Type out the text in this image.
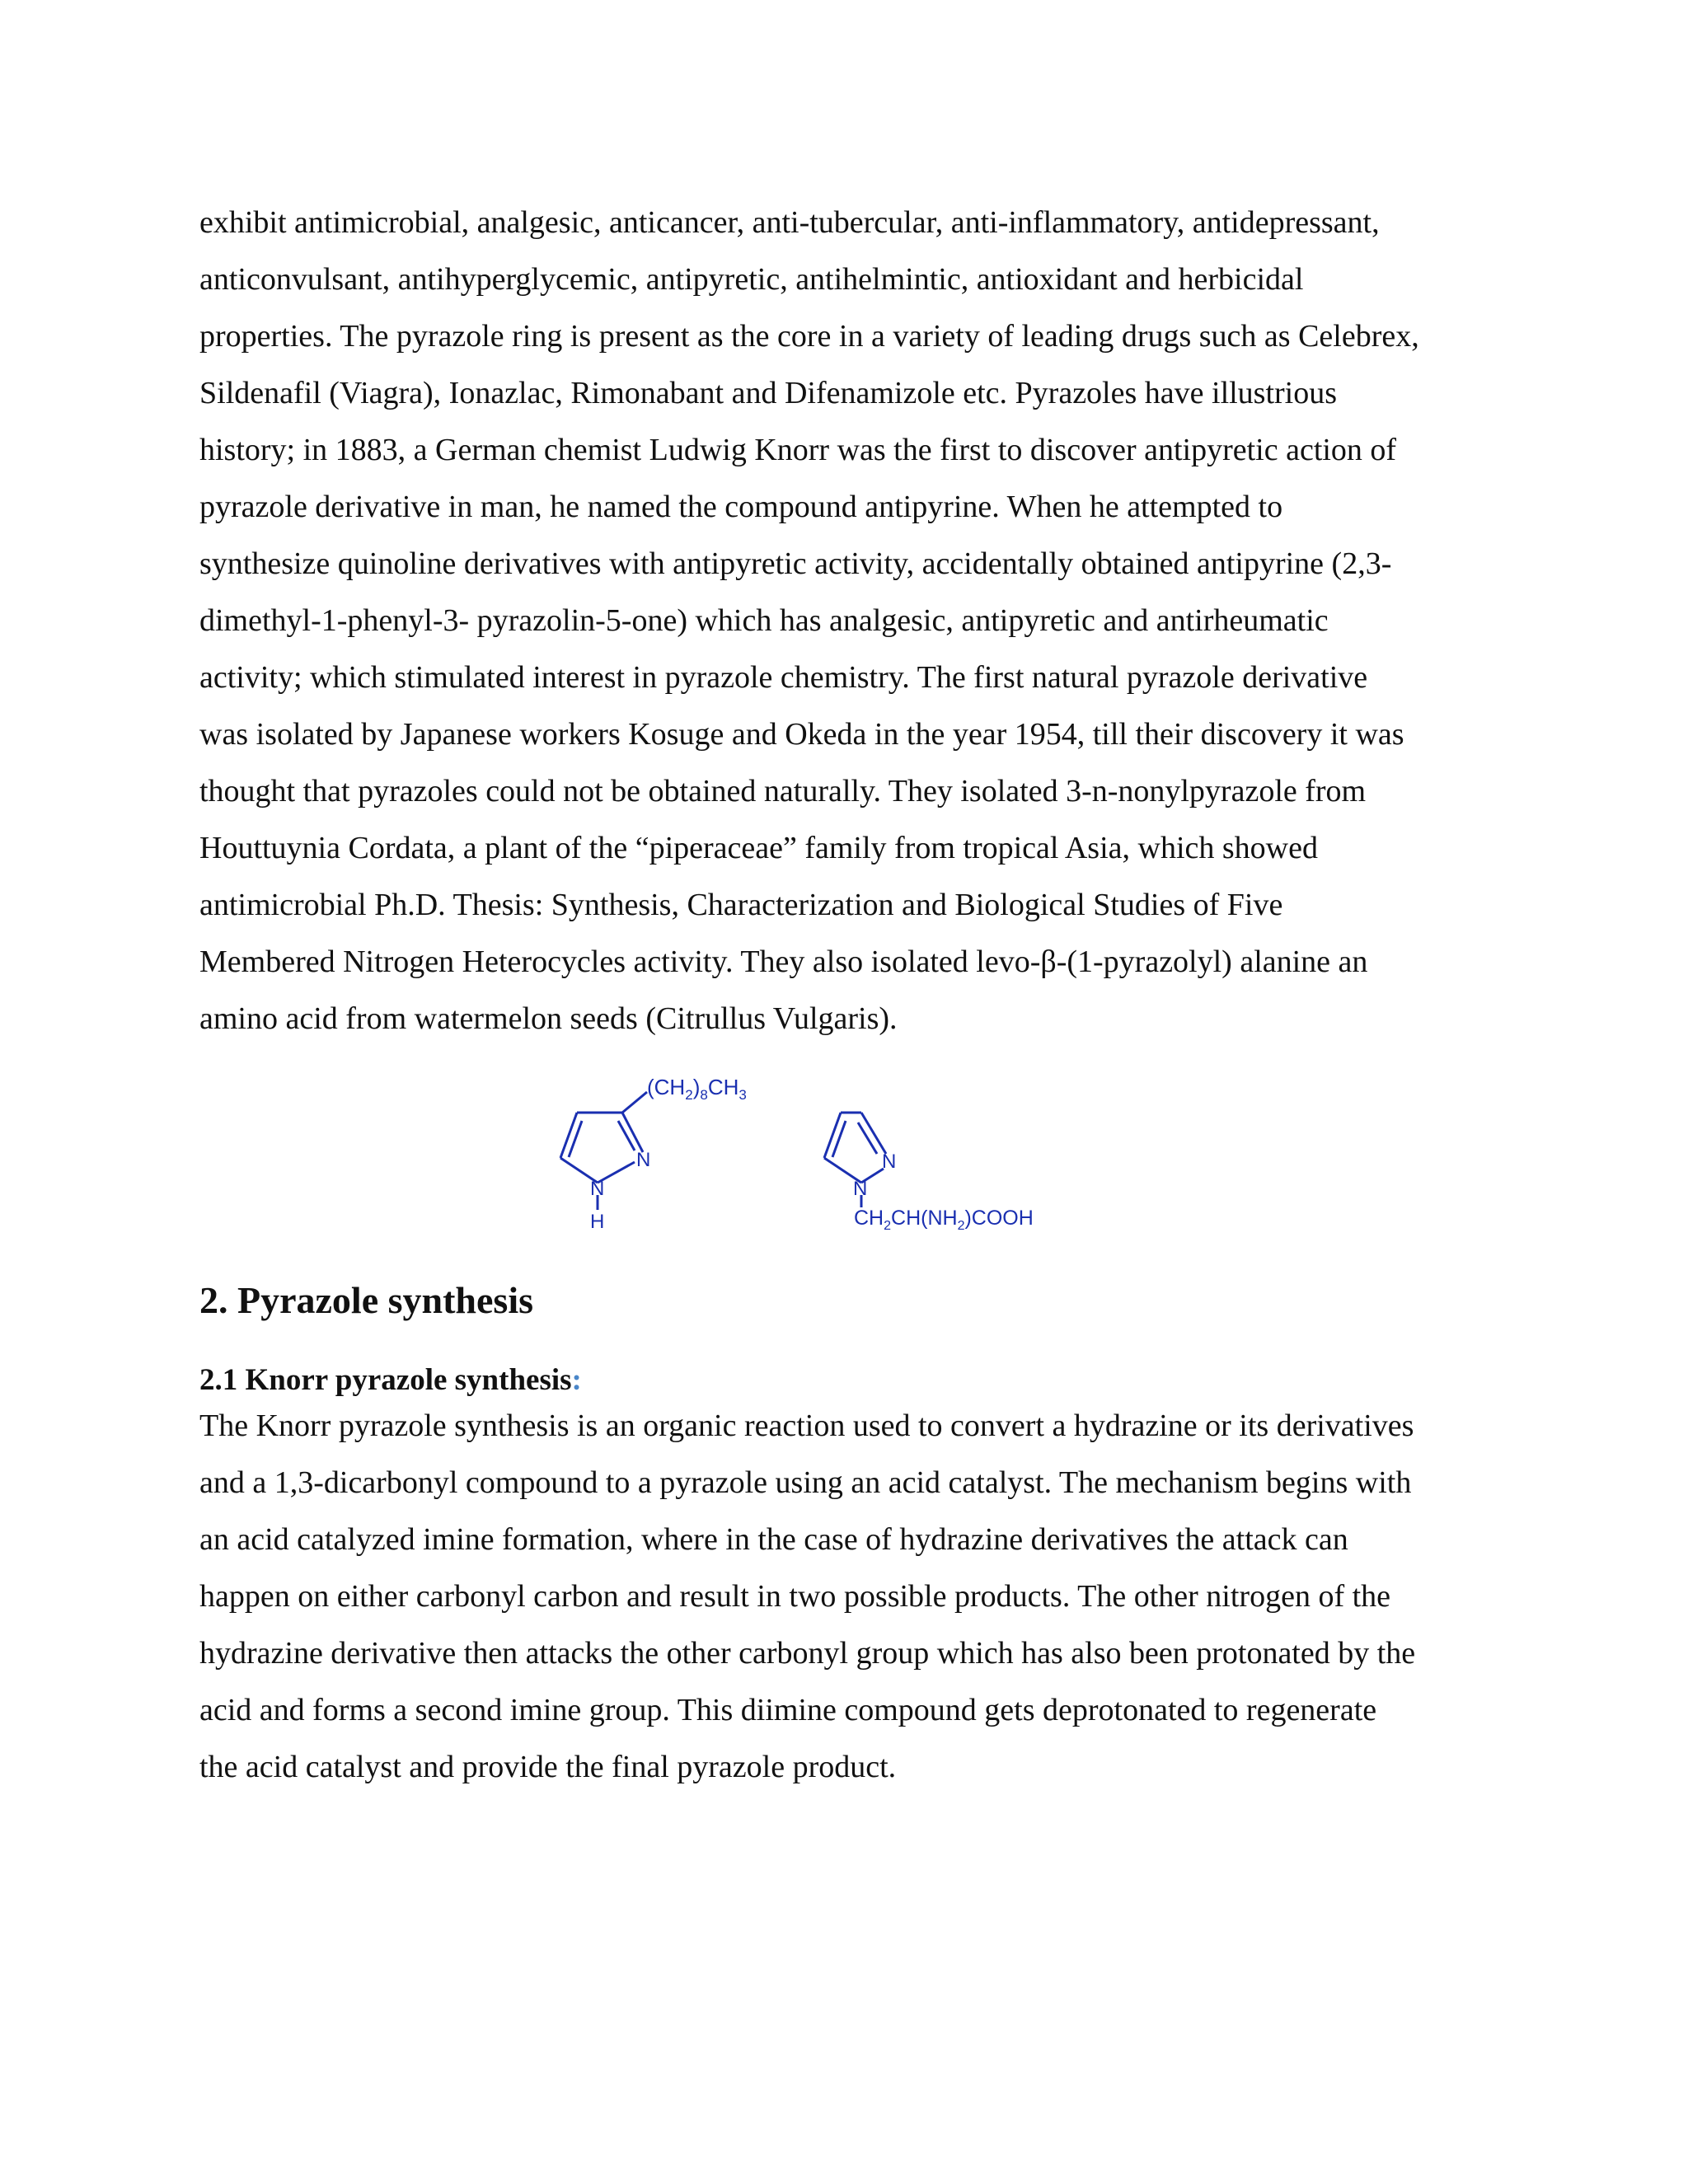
exhibit antimicrobial, analgesic, anticancer, anti-tubercular, anti-inflammatory, antidepressant,
anticonvulsant, antihyperglycemic, antipyretic, antihelmintic, antioxidant and herbicidal
properties. The pyrazole ring is present as the core in a variety of leading drugs such as Celebrex,
Sildenafil (Viagra), Ionazlac, Rimonabant and Difenamizole etc. Pyrazoles have illustrious
history; in 1883, a German chemist Ludwig Knorr was the first to discover antipyretic action of
pyrazole derivative in man, he named the compound antipyrine. When he attempted to
synthesize quinoline derivatives with antipyretic activity, accidentally obtained antipyrine (2,3-
dimethyl-1-phenyl-3- pyrazolin-5-one) which has analgesic, antipyretic and antirheumatic
activity; which stimulated interest in pyrazole chemistry. The first natural pyrazole derivative
was isolated by Japanese workers Kosuge and Okeda in the year 1954, till their discovery it was
thought that pyrazoles could not be obtained naturally. They isolated 3-n-nonylpyrazole from
Houttuynia Cordata, a plant of the “piperaceae” family from tropical Asia, which showed
antimicrobial Ph.D. Thesis: Synthesis, Characterization and Biological Studies of Five
Membered Nitrogen Heterocycles activity. They also isolated levo-β-(1-pyrazolyl) alanine an
amino acid from watermelon seeds (Citrullus Vulgaris).

$(CH_2)_8CH_3$
N
N
H
N
N
$CH_2CH(NH_2)COOH$
2. Pyrazole synthesis
2.1 Knorr pyrazole synthesis:

The Knorr pyrazole synthesis is an organic reaction used to convert a hydrazine or its derivatives
and a 1,3-dicarbonyl compound to a pyrazole using an acid catalyst. The mechanism begins with
an acid catalyzed imine formation, where in the case of hydrazine derivatives the attack can
happen on either carbonyl carbon and result in two possible products. The other nitrogen of the
hydrazine derivative then attacks the other carbonyl group which has also been protonated by the
acid and forms a second imine group. This diimine compound gets deprotonated to regenerate
the acid catalyst and provide the final pyrazole product.
